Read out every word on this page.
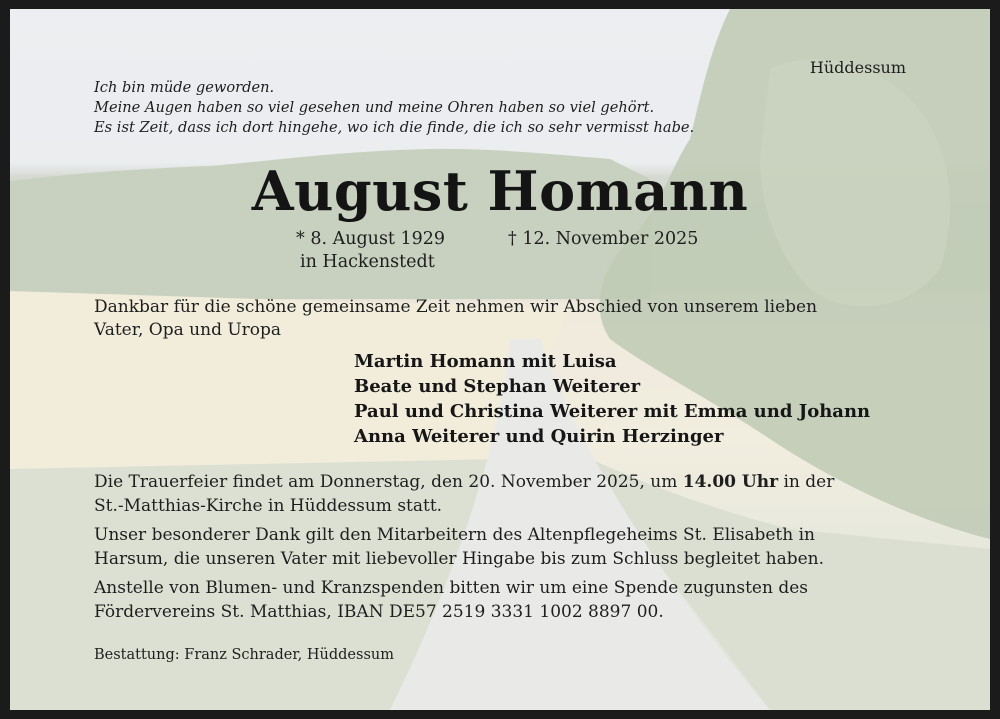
Hüddessum

Ich bin müde geworden.

Meine Augen haben so viel gesehen und meine Ohren haben so viel gehört.

Es ist Zeit, dass ich dort hingehe, wo ich die finde, die ich so sehr vermisst habe.

August Homann

* 8. August 1929

in Hackenstedt

† 12. November 2025

Dankbar für die schöne gemeinsame Zeit nehmen wir Abschied von unserem lieben

Vater, Opa und Uropa

Martin Homann mit Luisa

Beate und Stephan Weiterer

Paul und Christina Weiterer mit Emma und Johann

Anna Weiterer und Quirin Herzinger

Die Trauerfeier findet am Donnerstag, den 20. November 2025, um 14.00 Uhr in der

St.-Matthias-Kirche in Hüddessum statt.

Unser besonderer Dank gilt den Mitarbeitern des Altenpflegeheims St. Elisabeth in

Harsum, die unseren Vater mit liebevoller Hingabe bis zum Schluss begleitet haben.

Anstelle von Blumen- und Kranzspenden bitten wir um eine Spende zugunsten des

Fördervereins St. Matthias, IBAN DE57 2519 3331 1002 8897 00.

Bestattung: Franz Schrader, Hüddessum
